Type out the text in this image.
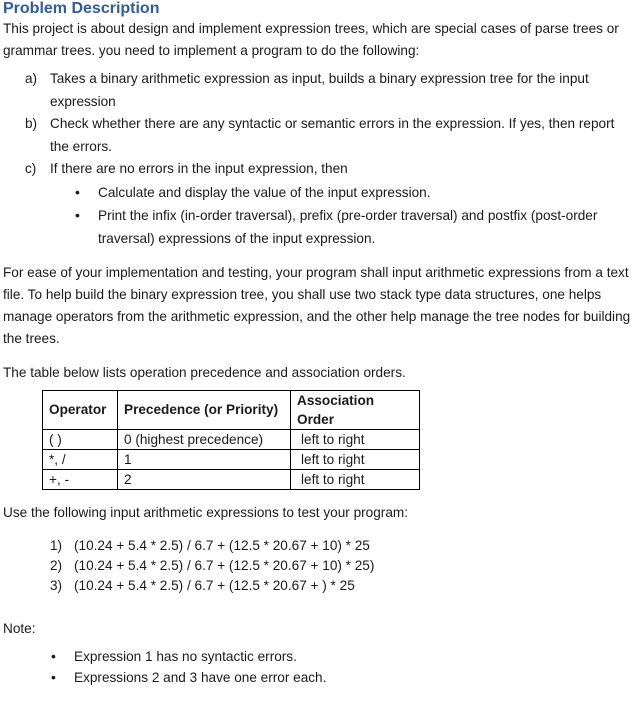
Problem Description

This project is about design and implement expression trees, which are special cases of parse trees or grammar trees. you need to implement a program to do the following:

a) Takes a binary arithmetic expression as input, builds a binary expression tree for the input expression
b) Check whether there are any syntactic or semantic errors in the expression. If yes, then report the errors.
c) If there are no errors in the input expression, then
• Calculate and display the value of the input expression.
• Print the infix (in-order traversal), prefix (pre-order traversal) and postfix (post-order traversal) expressions of the input expression.

For ease of your implementation and testing, your program shall input arithmetic expressions from a text file. To help build the binary expression tree, you shall use two stack type data structures, one helps manage operators from the arithmetic expression, and the other help manage the tree nodes for building the trees.

The table below lists operation precedence and association orders.

Operator	Precedence (or Priority)	Association Order
( )	0 (highest precedence)	left to right
*, /	1	left to right
+, -	2	left to right

Use the following input arithmetic expressions to test your program:

1) (10.24 + 5.4 * 2.5) / 6.7 + (12.5 * 20.67 + 10) * 25
2) (10.24 + 5.4 * 2.5) / 6.7 + (12.5 * 20.67 + 10) * 25)
3) (10.24 + 5.4 * 2.5) / 6.7 + (12.5 * 20.67 + ) * 25

Note:

• Expression 1 has no syntactic errors.
• Expressions 2 and 3 have one error each.
